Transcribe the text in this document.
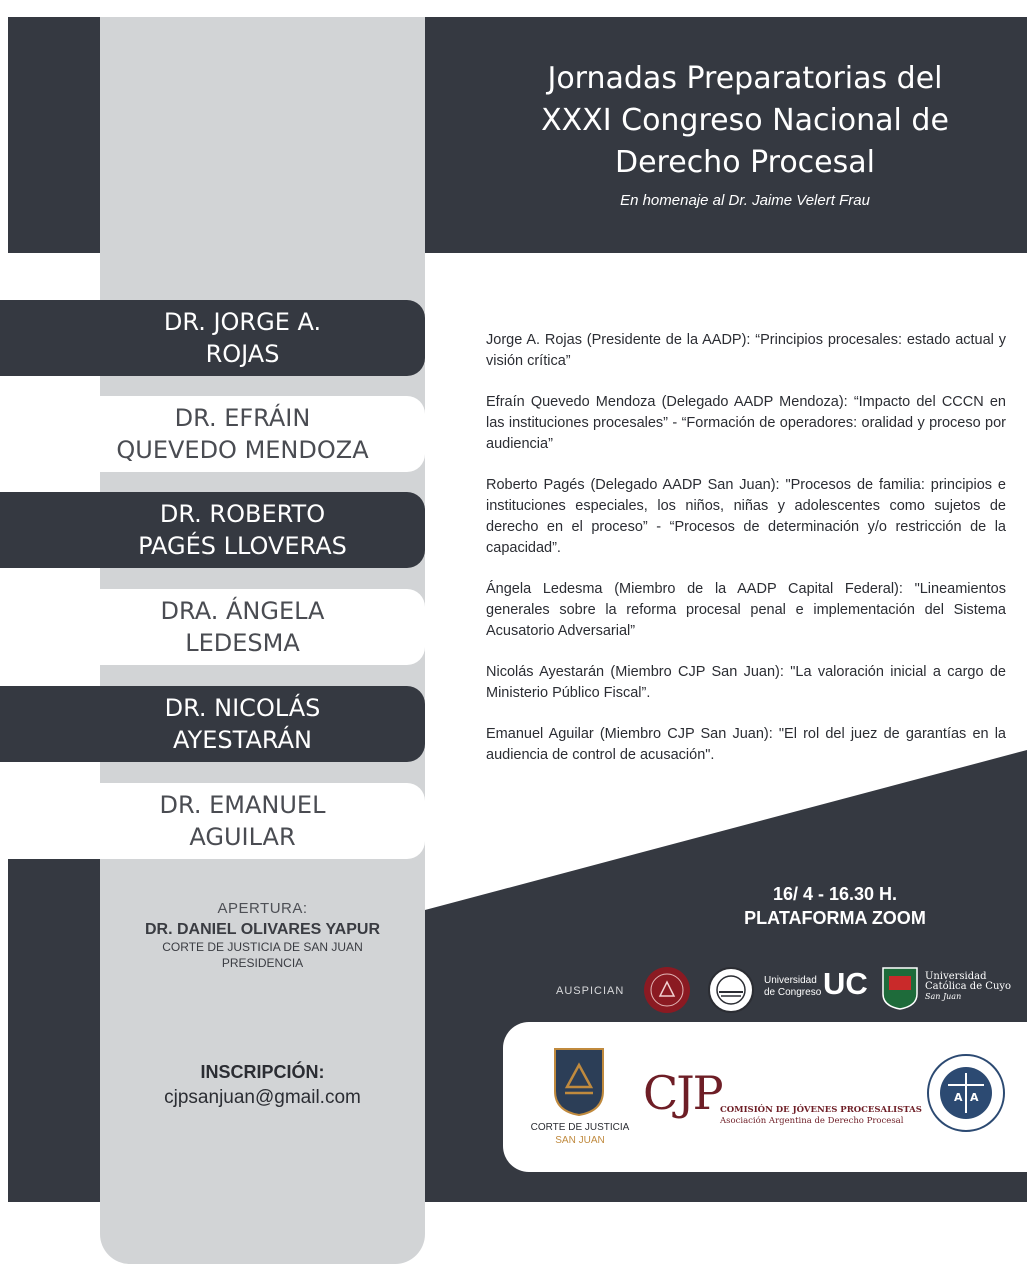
Jornadas Preparatorias del
XXXI Congreso Nacional de
Derecho Procesal
En homenaje al Dr. Jaime Velert Frau
DR. JORGE A.
ROJAS
DR. EFRÁIN
QUEVEDO MENDOZA
DR. ROBERTO
PAGÉS LLOVERAS
DRA. ÁNGELA
LEDESMA
DR. NICOLÁS
AYESTARÁN
DR. EMANUEL
AGUILAR

Jorge A. Rojas (Presidente de la AADP): “Principios procesales: estado actual y visión crítica”

Efraín Quevedo Mendoza (Delegado AADP Mendoza): “Impacto del CCCN en las instituciones procesales” - “Formación de operadores: oralidad y proceso por audiencia”

Roberto Pagés (Delegado AADP San Juan): "Procesos de familia: principios e instituciones especiales, los niños, niñas y adolescentes como sujetos de derecho en el proceso” - “Procesos de determinación y/o restricción de la capacidad”.

Ángela Ledesma (Miembro de la AADP Capital Federal): "Lineamientos generales sobre la reforma procesal penal e implementación del Sistema Acusatorio Adversarial”

Nicolás Ayestarán (Miembro CJP San Juan): "La valoración inicial a cargo de Ministerio Público Fiscal”.

Emanuel Aguilar (Miembro CJP San Juan): "El rol del juez de garantías en la audiencia de control de acusación".

APERTURA:
DR. DANIEL OLIVARES YAPUR
CORTE DE JUSTICIA DE SAN JUAN
PRESIDENCIA
INSCRIPCIÓN:
cjpsanjuan@gmail.com
16/ 4 - 16.30 H.
PLATAFORMA ZOOM
AUSPICIAN
Universidad
de Congreso UC	Universidad
Católica de Cuyo
San Juan
CORTE DE JUSTICIA
SAN JUAN
CJP
COMISIÓN DE JÓVENES PROCESALISTAS
Asociación Argentina de Derecho Procesal
A A
